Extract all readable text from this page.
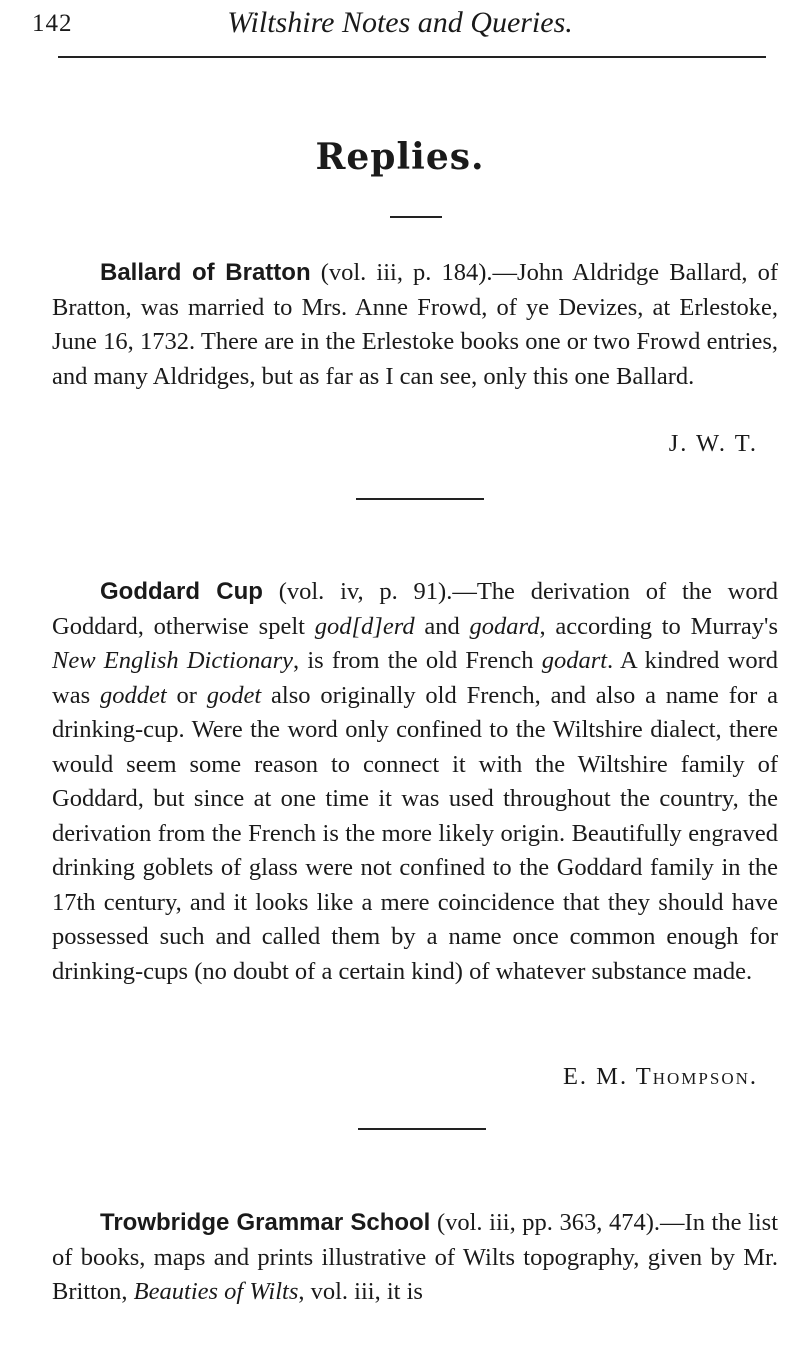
142	Wiltshire Notes and Queries.
Replies.

Ballard of Bratton (vol. iii, p. 184).—John Aldridge Ballard, of Bratton, was married to Mrs. Anne Frowd, of ye Devizes, at Erlestoke, June 16, 1732. There are in the Erlestoke books one or two Frowd entries, and many Aldridges, but as far as I can see, only this one Ballard.

J. W. T.

Goddard Cup (vol. iv, p. 91).—The derivation of the word Goddard, otherwise spelt god[d]erd and godard, according to Murray's New English Dictionary, is from the old French godart. A kindred word was goddet or godet also originally old French, and also a name for a drinking-cup. Were the word only confined to the Wiltshire dialect, there would seem some reason to connect it with the Wiltshire family of Goddard, but since at one time it was used throughout the country, the derivation from the French is the more likely origin. Beautifully engraved drinking goblets of glass were not confined to the Goddard family in the 17th century, and it looks like a mere coincidence that they should have possessed such and called them by a name once common enough for drinking-cups (no doubt of a certain kind) of whatever substance made.

E. M. Thompson.

Trowbridge Grammar School (vol. iii, pp. 363, 474).—In the list of books, maps and prints illustrative of Wilts topography, given by Mr. Britton, Beauties of Wilts, vol. iii, it is
